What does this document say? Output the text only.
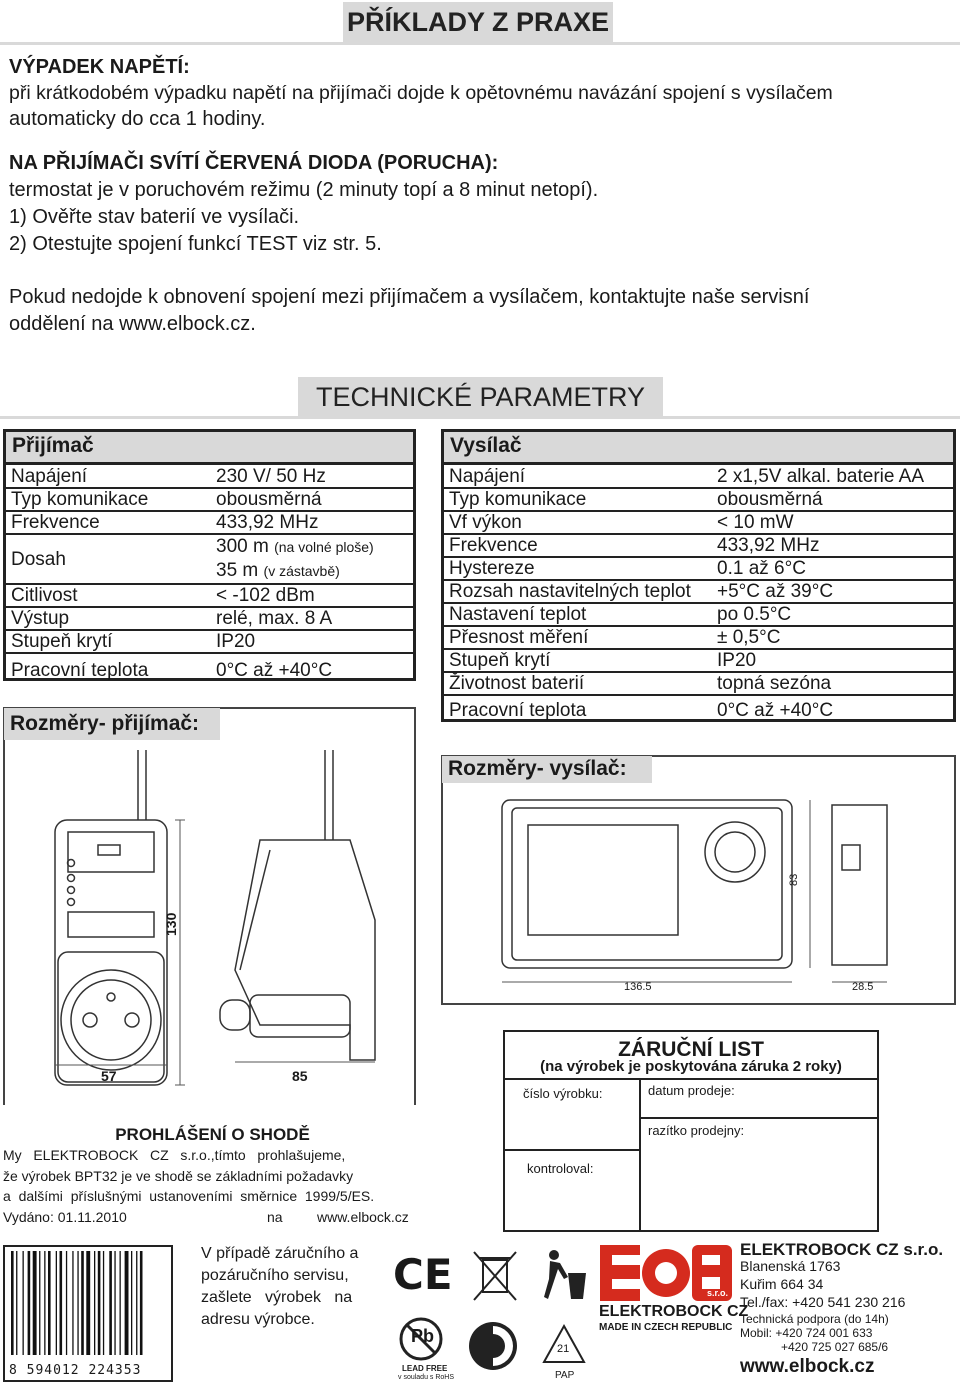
PŘÍKLADY Z PRAXE
VÝPADEK NAPĚTÍ:
při krátkodobém výpadku napětí na přijímači dojde k opětovnému navázání spojení s vysílačem
automaticky do cca 1 hodiny.
NA PŘIJÍMAČI SVÍTÍ ČERVENÁ DIODA (PORUCHA):
termostat je v poruchovém režimu (2 minuty topí a 8 minut netopí).
1) Ověřte stav baterií ve vysílači.
2) Otestujte spojení funkcí TEST viz str. 5.
Pokud nedojde k obnovení spojení mezi přijímačem a vysílačem, kontaktujte naše servisní
oddělení na www.elbock.cz.
TECHNICKÉ PARAMETRY
Přijímač
Napájení	230 V/ 50 Hz
Typ komunikace	obousměrná
Frekvence	433,92 MHz
Dosah	300 m (na volné ploše)
35 m (v zástavbě)
Citlivost	< -102 dBm
Výstup	relé, max. 8 A
Stupeň krytí	IP20
Pracovní teplota	0°C až +40°C
Vysílač
Napájení	2 x1,5V alkal. baterie AA
Typ komunikace	obousměrná
Vf výkon	< 10 mW
Frekvence	433,92 MHz
Hystereze	0.1 až 6°C
Rozsah nastavitelných teplot	+5°C až 39°C
Nastavení teplot	po 0.5°C
Přesnost měření	± 0,5°C
Stupeň krytí	IP20
Životnost baterií	topná sezóna
Pracovní teplota	0°C až +40°C
Rozměry- přijímač:
130
57	85
Rozměry- vysílač:
83
136.5	28.5
ZÁRUČNÍ LIST
(na výrobek je poskytována záruka 2 roky)
číslo výrobku:	datum prodeje:
razítko prodejny:
kontroloval:
PROHLÁŠENÍ O SHODĚ
My   ELEKTROBOCK   CZ   s.r.o.,tímto   prohlašujeme,
že výrobek BPT32 je ve shodě se základními požadavky
a  dalšími  příslušnými  ustanoveními  směrnice  1999/5/ES.
Vydáno: 01.11.2010	na www.elbock.cz
8 594012 224353
V případě záručního a
pozáručního servisu,
zašlete   výrobek   na
adresu výrobce.
CE
Pb
LEAD FREE
v souladu s RoHS
21
PAP
s.r.o.
ELEKTROBOCK CZ
MADE IN CZECH REPUBLIC
ELEKTROBOCK CZ s.r.o.
Blanenská 1763
Kuřim 664 34
Tel./fax: +420 541 230 216
Technická podpora (do 14h)
Mobil: +420 724 001 633
+420 725 027 685/6
www.elbock.cz
